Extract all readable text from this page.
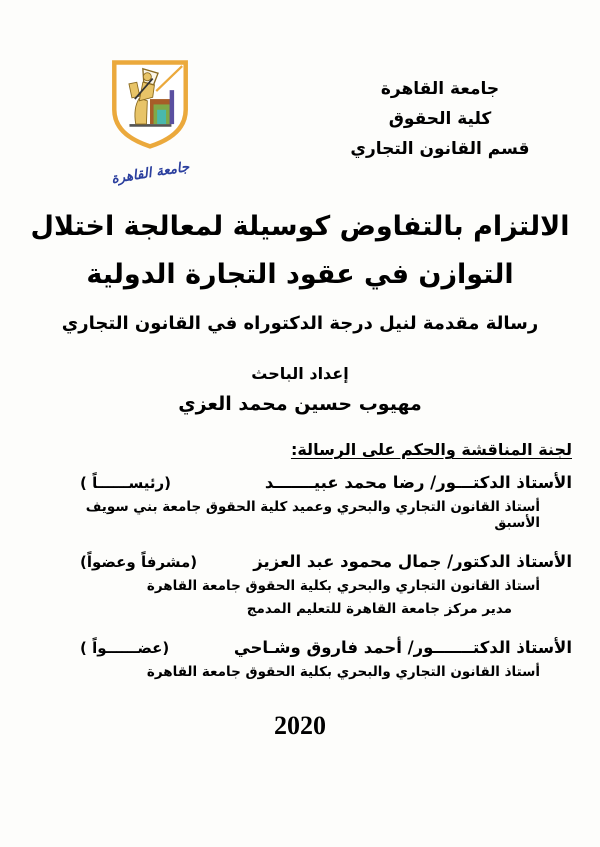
جامعة القاهرة
جامعة القاهرة
كلية الحقوق
قسم القانون التجاري
الالتزام بالتفاوض كوسيلة لمعالجة اختلال
التوازن في عقود التجارة الدولية
رسالة مقدمة لنيل درجة الدكتوراه في القانون التجاري
إعداد الباحث
مهيوب حسين محمد العزي
لجنة المناقشة والحكم على الرسالة:
الأستاذ الدكتـــور/ رضا محمد عبيـــــــد
(رئيســــــاً )
أستاذ القانون التجاري والبحري وعميد كلية الحقوق جامعة بني سويف الأسبق
الأستاذ الدكتور/ جمال محمود عبد العزيز
(مشرفاً وعضواً)
أستاذ القانون التجاري والبحري بكلية الحقوق جامعة القاهرة
مدير مركز جامعة القاهرة للتعليم المدمج
الأستاذ الدكتـــــــور/ أحمد فاروق وشـاحي
(عضــــــواً )
أستاذ القانون التجاري والبحري بكلية الحقوق جامعة القاهرة
2020
